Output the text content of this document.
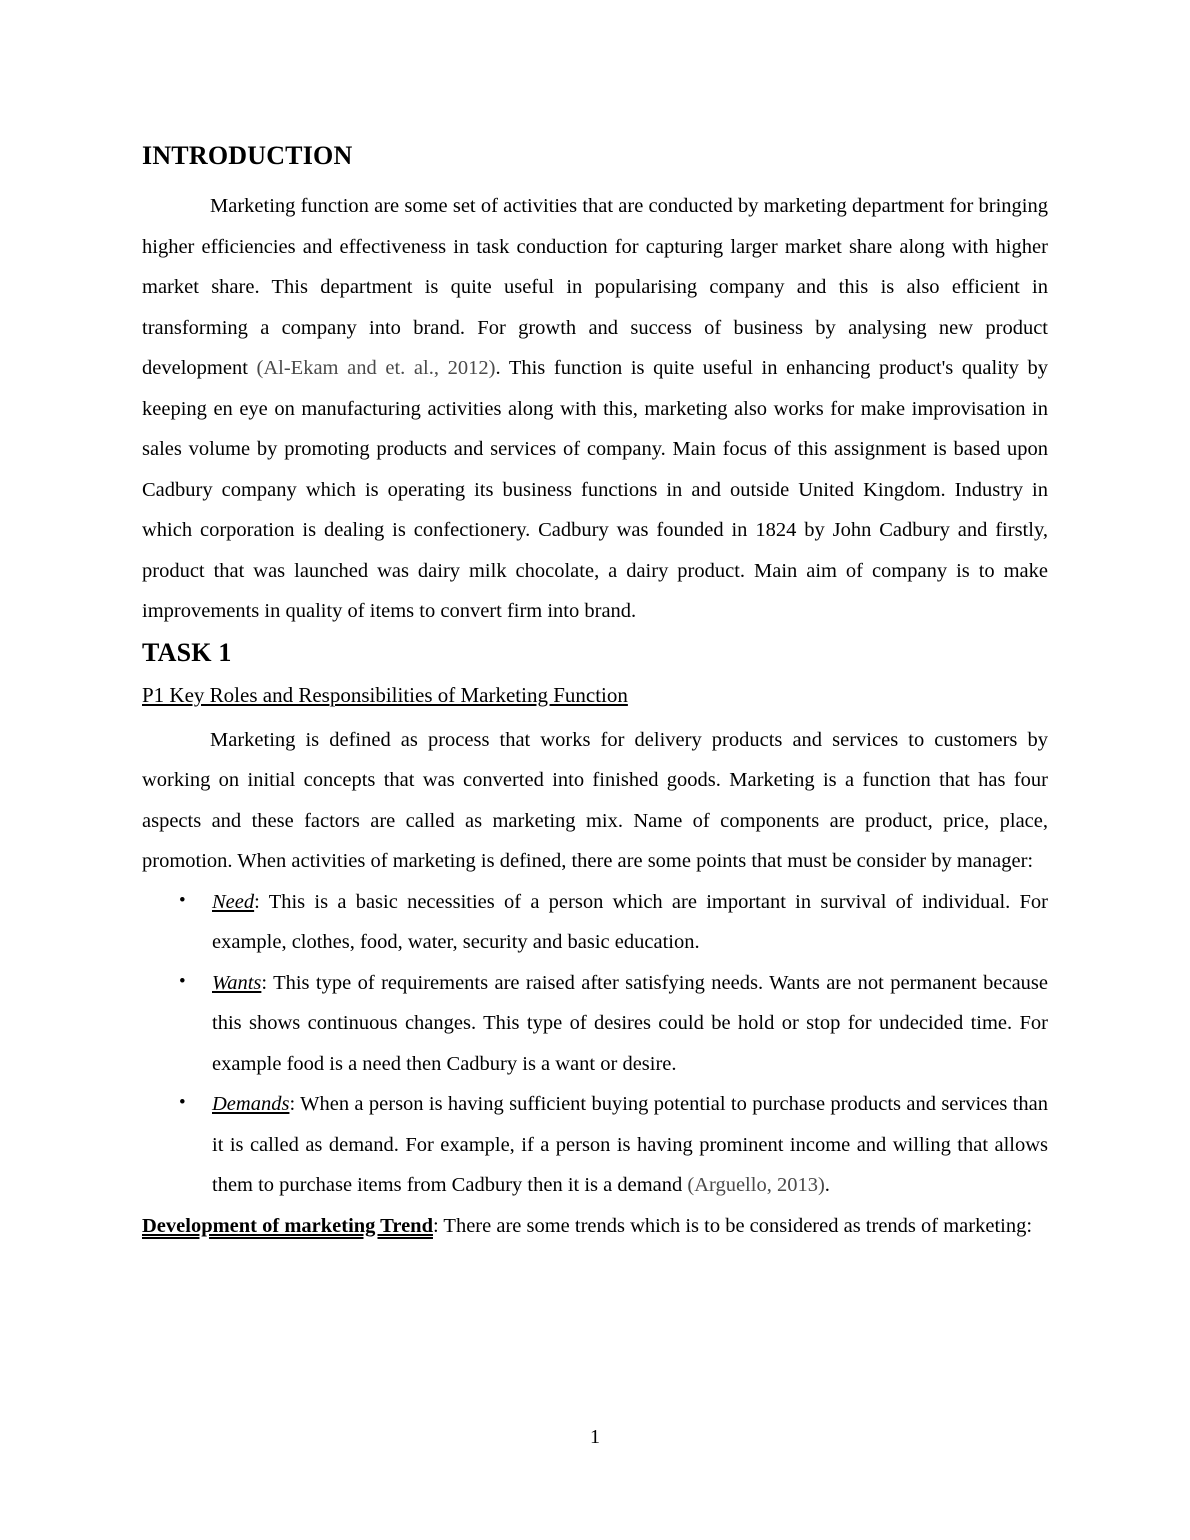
INTRODUCTION

Marketing function are some set of activities that are conducted by marketing department for bringing higher efficiencies and effectiveness in task conduction for capturing larger market share along with higher market share. This department is quite useful in popularising company and this is also efficient in transforming a company into brand. For growth and success of business by analysing new product development (Al-Ekam and et. al., 2012). This function is quite useful in enhancing product's quality by keeping en eye on manufacturing activities along with this, marketing also works for make improvisation in sales volume by promoting products and services of company. Main focus of this assignment is based upon Cadbury company which is operating its business functions in and outside United Kingdom. Industry in which corporation is dealing is confectionery. Cadbury was founded in 1824 by John Cadbury and firstly, product that was launched was dairy milk chocolate, a dairy product. Main aim of company is to make improvements in quality of items to convert firm into brand.

TASK 1
P1 Key Roles and Responsibilities of Marketing Function

Marketing is defined as process that works for delivery products and services to customers by working on initial concepts that was converted into finished goods. Marketing is a function that has four aspects and these factors are called as marketing mix. Name of components are product, price, place, promotion. When activities of marketing is defined, there are some points that must be consider by manager:

• Need: This is a basic necessities of a person which are important in survival of individual. For example, clothes, food, water, security and basic education.
• Wants: This type of requirements are raised after satisfying needs. Wants are not permanent because this shows continuous changes. This type of desires could be hold or stop for undecided time. For example food is a need then Cadbury is a want or desire.
• Demands: When a person is having sufficient buying potential to purchase products and services than it is called as demand. For example, if a person is having prominent income and willing that allows them to purchase items from Cadbury then it is a demand (Arguello, 2013).

Development of marketing Trend: There are some trends which is to be considered as trends of marketing:

1
